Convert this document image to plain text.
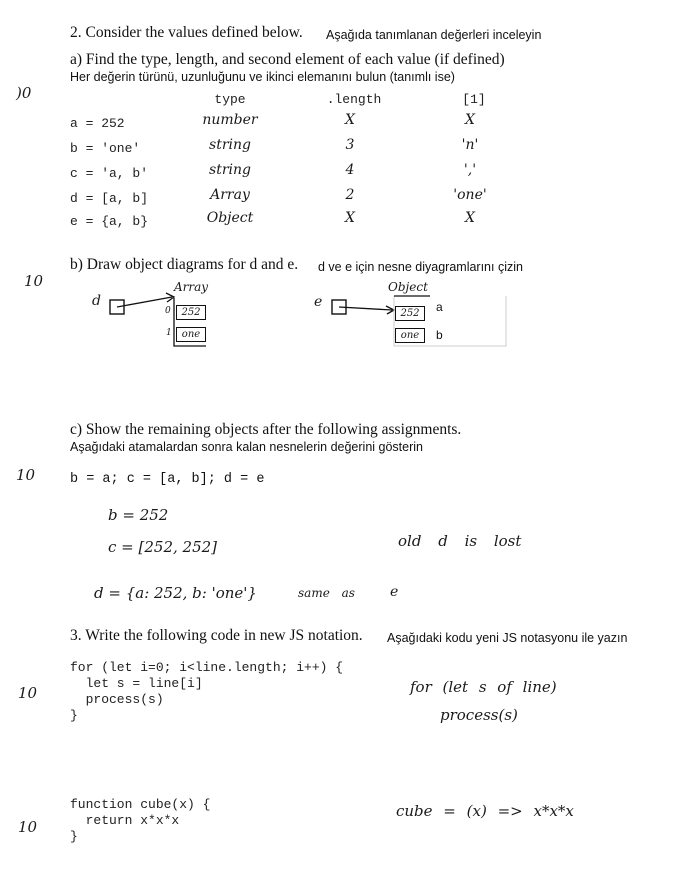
2. Consider the values defined below. Aşağıda tanımlanan değerleri inceleyin
a) Find the type, length, and second element of each value (if defined)
Her değerin türünü, uzunluğunu ve ikinci elemanını bulun (tanımlı ise)
)0	type	.length	[1]
a = 252	number	X	X
b = 'one'	string	3	'n'
c = 'a, b'	string	4	','
d = [a, b]	Array	2	'one'
e = {a, b}	Object	X	X
b) Draw object diagrams for d and e. d ve e için nesne diyagramlarını çizin
10
d
Array
0
1
252
one
e
Object
252
one
a
b
c) Show the remaining objects after the following assignments.
Aşağıdaki atamalardan sonra kalan nesnelerin değerini gösterin
10	b = a; c = [a, b]; d = e
b = 252
c = [252, 252]	old d is lost
d = {a: 252, b: 'one'}	same as	e
3. Write the following code in new JS notation. Aşağıdaki kodu yeni JS notasyonu ile yazın
10
for (let i=0; i<line.length; i++) {
let s = line[i]
process(s)
}
for (let s of line)
process(s)
10
function cube(x) {
return x*x*x
}
cube = (x) => x*x*x
